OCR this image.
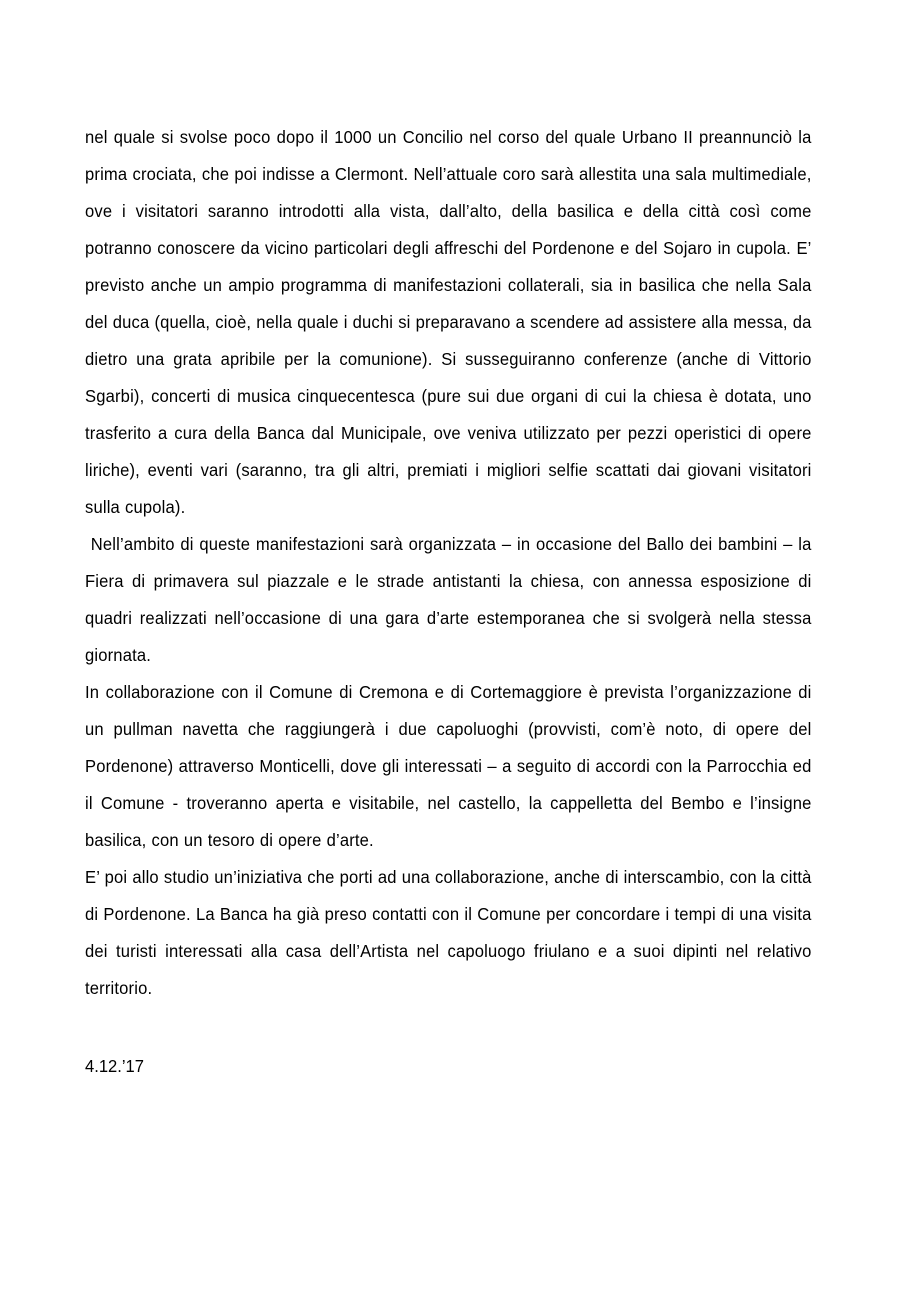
nel quale si svolse poco dopo il 1000 un Concilio nel corso del quale Urbano II preannunciò la prima crociata, che poi indisse a Clermont. Nell’attuale coro sarà allestita una sala multimediale, ove i visitatori saranno introdotti alla vista, dall’alto, della basilica e della città così come potranno conoscere da vicino particolari degli affreschi del Pordenone e del Sojaro in cupola. E’ previsto anche un ampio programma di manifestazioni collaterali, sia in basilica che nella Sala del duca (quella, cioè, nella quale i duchi si preparavano a scendere ad assistere alla messa, da dietro una grata apribile per la comunione). Si susseguiranno conferenze (anche di Vittorio Sgarbi), concerti di musica cinquecentesca (pure sui due organi di cui la chiesa è dotata, uno trasferito a cura della Banca dal Municipale, ove veniva utilizzato per pezzi operistici di opere liriche), eventi vari (saranno, tra gli altri, premiati i migliori selfie scattati dai giovani visitatori sulla cupola).

Nell’ambito di queste manifestazioni sarà organizzata – in occasione del Ballo dei bambini – la Fiera di primavera sul piazzale e le strade antistanti la chiesa, con annessa esposizione di quadri realizzati nell’occasione di una gara d’arte estemporanea che si svolgerà nella stessa giornata.

In collaborazione con il Comune di Cremona e di Cortemaggiore è prevista l’organizzazione di un pullman navetta che raggiungerà i due capoluoghi (provvisti, com’è noto, di opere del Pordenone) attraverso Monticelli, dove gli interessati – a seguito di accordi con la Parrocchia ed il Comune - troveranno aperta e visitabile, nel castello, la cappelletta del Bembo e l’insigne basilica, con un tesoro di opere d’arte.

E’ poi allo studio un’iniziativa che porti ad una collaborazione, anche di interscambio, con la città di Pordenone. La Banca ha già preso contatti con il Comune per concordare i tempi di una visita dei turisti interessati alla casa dell’Artista nel capoluogo friulano e a suoi dipinti nel relativo territorio.

4.12.’17
